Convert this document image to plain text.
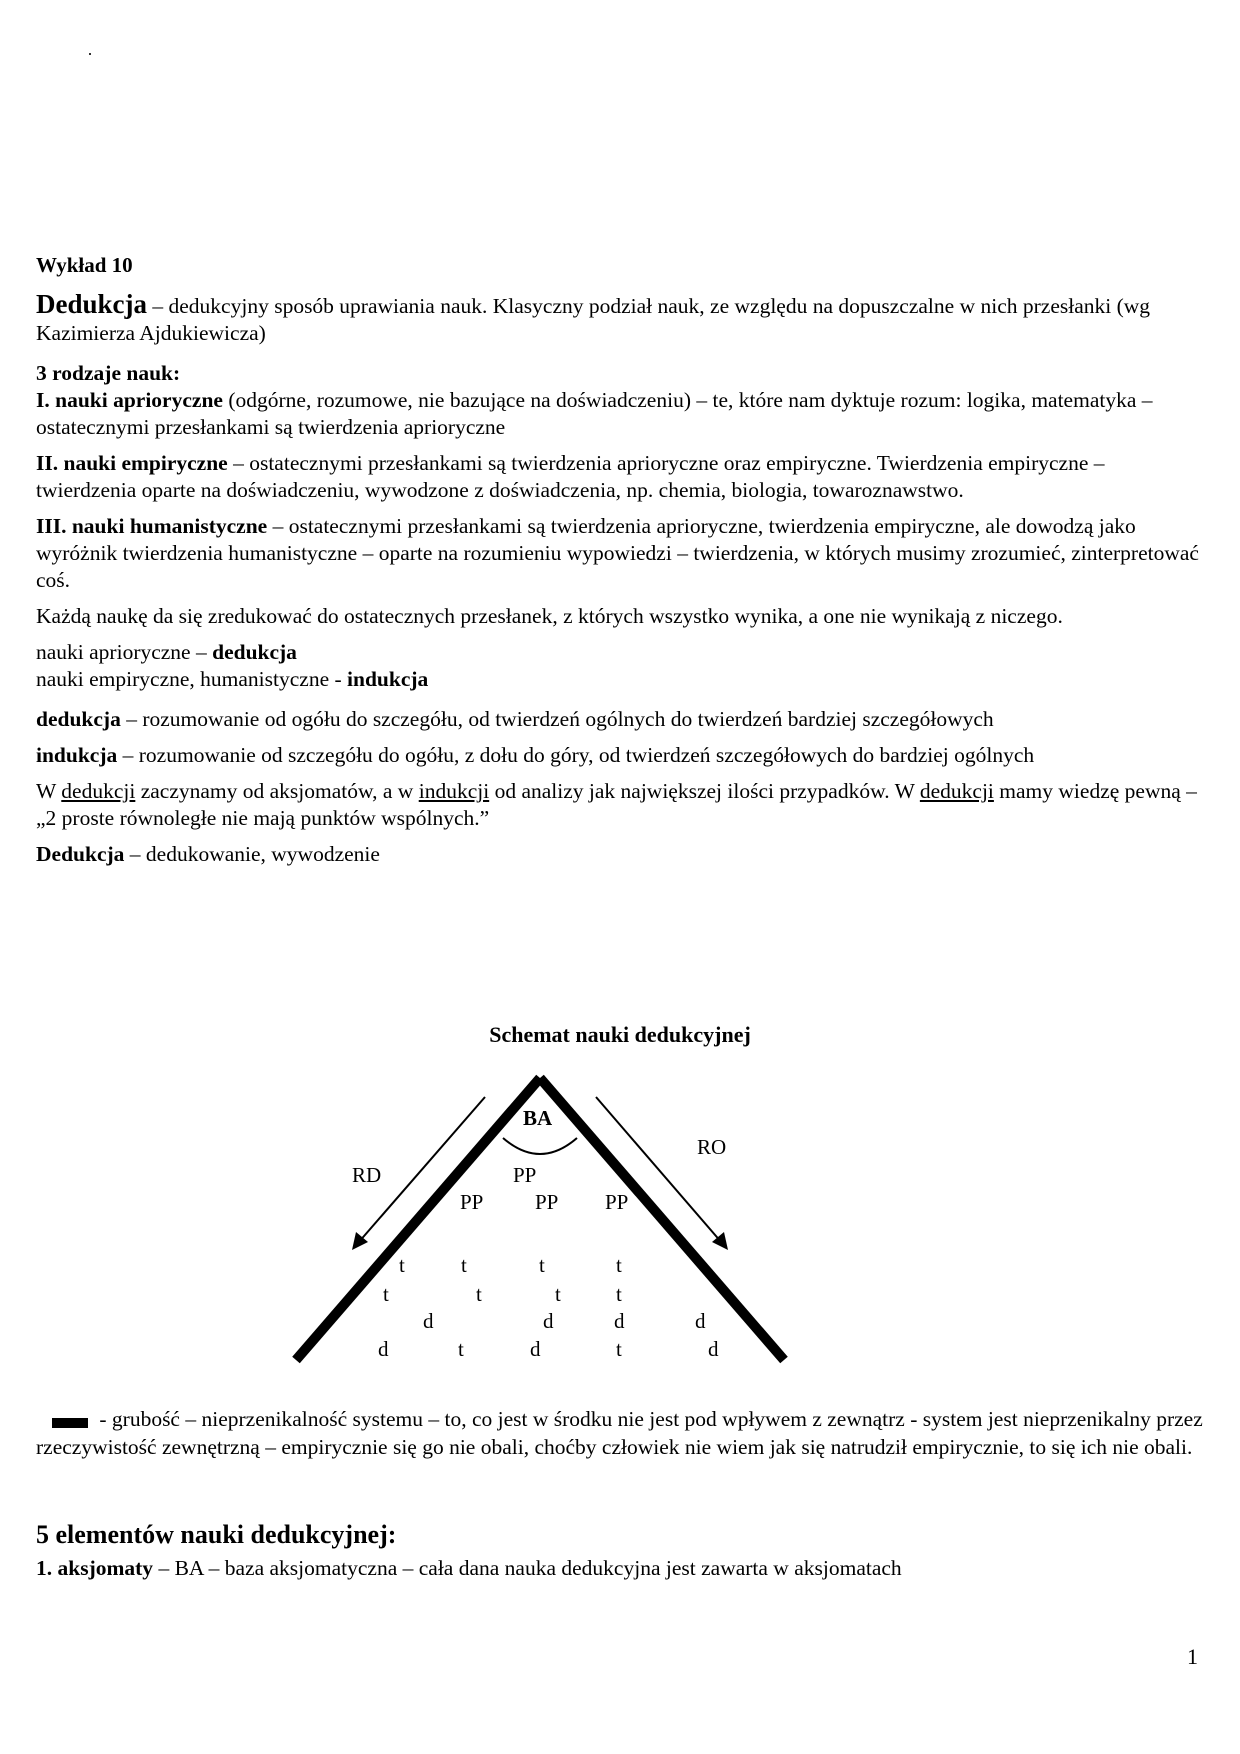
Wykład 10

Dedukcja – dedukcyjny sposób uprawiania nauk. Klasyczny podział nauk, ze względu na dopuszczalne w nich przesłanki (wg Kazimierza Ajdukiewicza)

3 rodzaje nauk:

I. nauki aprioryczne (odgórne, rozumowe, nie bazujące na doświadczeniu) – te, które nam dyktuje rozum: logika, matematyka – ostatecznymi przesłankami są twierdzenia aprioryczne

II. nauki empiryczne – ostatecznymi przesłankami są twierdzenia aprioryczne oraz empiryczne. Twierdzenia empiryczne – twierdzenia oparte na doświadczeniu, wywodzone z doświadczenia, np. chemia, biologia, towaroznawstwo.

III. nauki humanistyczne – ostatecznymi przesłankami są twierdzenia aprioryczne, twierdzenia empiryczne, ale dowodzą jako wyróżnik twierdzenia humanistyczne – oparte na rozumieniu wypowiedzi – twierdzenia, w których musimy zrozumieć, zinterpretować coś.

Każdą naukę da się zredukować do ostatecznych przesłanek, z których wszystko wynika, a one nie wynikają z niczego.

nauki aprioryczne – dedukcja

nauki empiryczne, humanistyczne - indukcja

dedukcja – rozumowanie od ogółu do szczegółu, od twierdzeń ogólnych do twierdzeń bardziej szczegółowych

indukcja – rozumowanie od szczegółu do ogółu, z dołu do góry, od twierdzeń szczegółowych do bardziej ogólnych

W dedukcji zaczynamy od aksjomatów, a w indukcji od analizy jak największej ilości przypadków. W dedukcji mamy wiedzę pewną – „2 proste równoległe nie mają punktów wspólnych.”

Dedukcja – dedukowanie, wywodzenie

Schemat nauki dedukcyjnej
BA
RO
RD	PP
PP PP PP
t	t	t	t
t	t	t	t
d	d	d	d
d	t	d	t	d

- grubość – nieprzenikalność systemu – to, co jest w środku nie jest pod wpływem z zewnątrz - system jest nieprzenikalny przez rzeczywistość zewnętrzną – empirycznie się go nie obali, choćby człowiek nie wiem jak się natrudził empirycznie, to się ich nie obali.

5 elementów nauki dedukcyjnej:
1. aksjomaty – BA – baza aksjomatyczna – cała dana nauka dedukcyjna jest zawarta w aksjomatach
1
